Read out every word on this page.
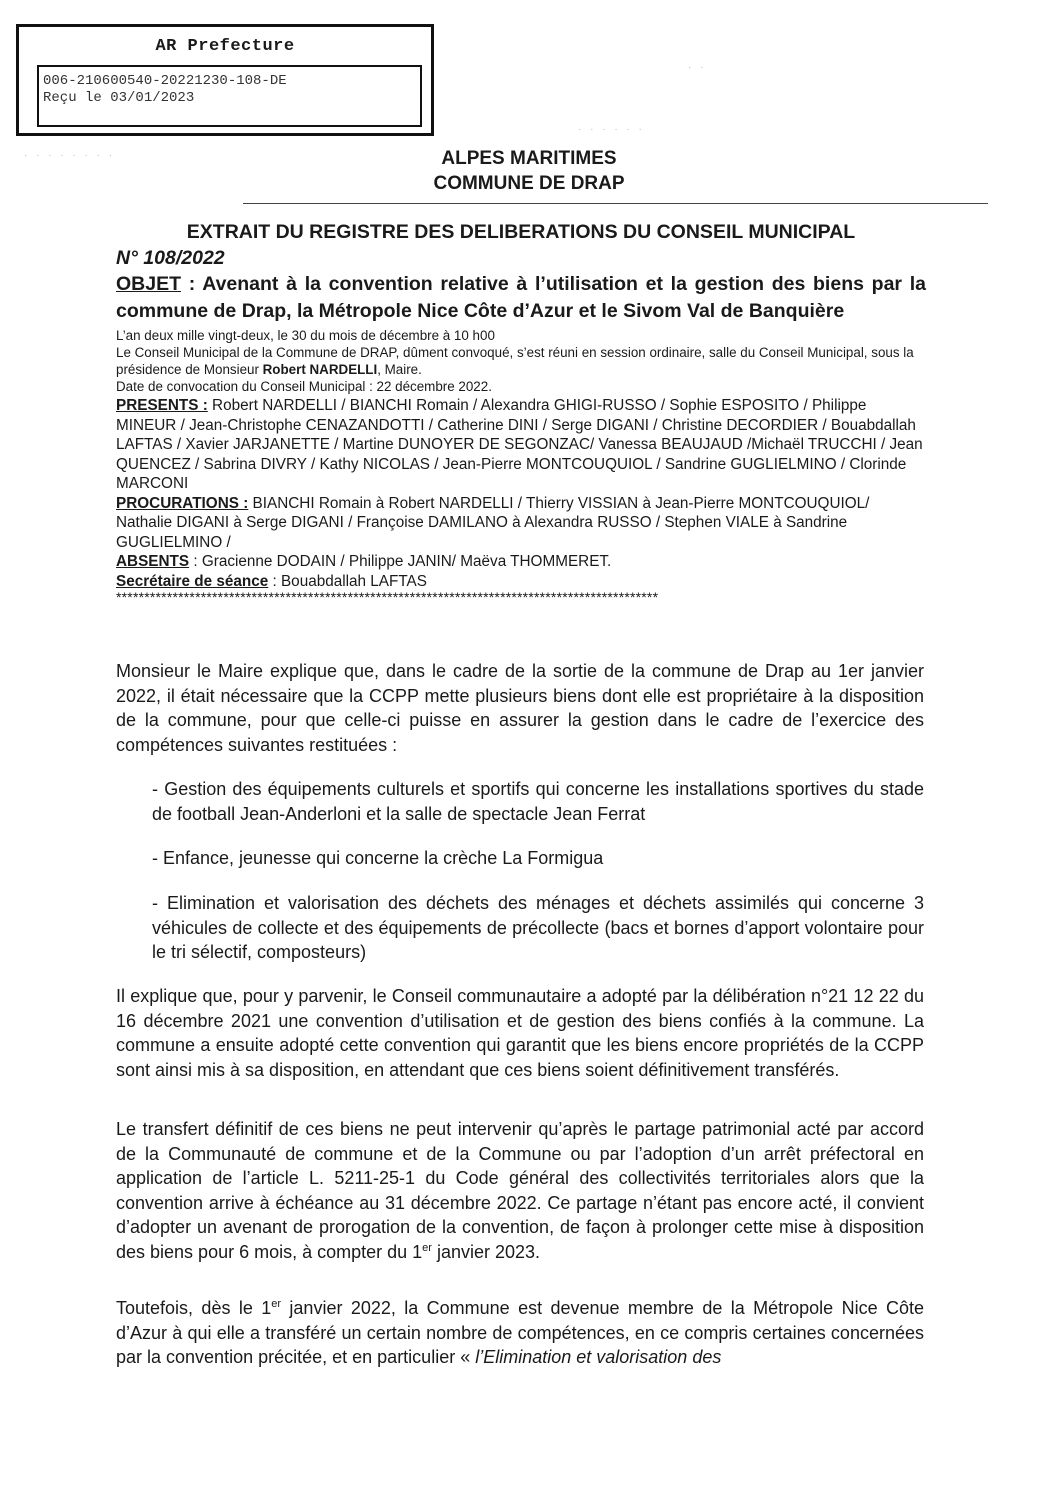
AR Prefecture
006-210600540-20221230-108-DE
Reçu le 03/01/2023
· ·
· · · · · ·
· · · · · · · ·	ALPES MARITIMES
COMMUNE DE DRAP
EXTRAIT DU REGISTRE DES DELIBERATIONS DU CONSEIL MUNICIPAL
N° 108/2022
OBJET : Avenant à la convention relative à l’utilisation et la gestion des biens par la commune de Drap, la Métropole Nice Côte d’Azur et le Sivom Val de Banquière
L’an deux mille vingt-deux, le 30 du mois de décembre à 10 h00
Le Conseil Municipal de la Commune de DRAP, dûment convoqué, s’est réuni en session ordinaire, salle du Conseil Municipal, sous la présidence de Monsieur Robert NARDELLI, Maire.
Date de convocation du Conseil Municipal : 22 décembre 2022.
PRESENTS : Robert NARDELLI / BIANCHI Romain / Alexandra GHIGI-RUSSO / Sophie ESPOSITO / Philippe MINEUR / Jean-Christophe CENAZANDOTTI / Catherine DINI / Serge DIGANI / Christine DECORDIER / Bouabdallah LAFTAS / Xavier JARJANETTE / Martine DUNOYER DE SEGONZAC/ Vanessa BEAUJAUD /Michaël TRUCCHI / Jean QUENCEZ / Sabrina DIVRY / Kathy NICOLAS / Jean-Pierre MONTCOUQUIOL / Sandrine GUGLIELMINO / Clorinde MARCONI
PROCURATIONS : BIANCHI Romain à Robert NARDELLI / Thierry VISSIAN à Jean-Pierre MONTCOUQUIOL/ Nathalie DIGANI à Serge DIGANI / Françoise DAMILANO à Alexandra RUSSO / Stephen VIALE à Sandrine GUGLIELMINO /
ABSENTS : Gracienne DODAIN / Philippe JANIN/ Maëva THOMMERET.
Secrétaire de séance : Bouabdallah LAFTAS
************************************************************************************************
Monsieur le Maire explique que, dans le cadre de la sortie de la commune de Drap au 1er janvier 2022, il était nécessaire que la CCPP mette plusieurs biens dont elle est propriétaire à la disposition de la commune, pour que celle-ci puisse en assurer la gestion dans le cadre de l’exercice des compétences suivantes restituées :
- Gestion des équipements culturels et sportifs qui concerne les installations sportives du stade de football Jean-Anderloni et la salle de spectacle Jean Ferrat
- Enfance, jeunesse qui concerne la crèche La Formigua
- Elimination et valorisation des déchets des ménages et déchets assimilés qui concerne 3 véhicules de collecte et des équipements de précollecte (bacs et bornes d’apport volontaire pour le tri sélectif, composteurs)
Il explique que, pour y parvenir, le Conseil communautaire a adopté par la délibération n°21 12 22 du 16 décembre 2021 une convention d’utilisation et de gestion des biens confiés à la commune. La commune a ensuite adopté cette convention qui garantit que les biens encore propriétés de la CCPP sont ainsi mis à sa disposition, en attendant que ces biens soient définitivement transférés.
Le transfert définitif de ces biens ne peut intervenir qu’après le partage patrimonial acté par accord de la Communauté de commune et de la Commune ou par l’adoption d’un arrêt préfectoral en application de l’article L. 5211-25-1 du Code général des collectivités territoriales alors que la convention arrive à échéance au 31 décembre 2022. Ce partage n’étant pas encore acté, il convient d’adopter un avenant de prorogation de la convention, de façon à prolonger cette mise à disposition des biens pour 6 mois, à compter du 1er janvier 2023.
Toutefois, dès le 1er janvier 2022, la Commune est devenue membre de la Métropole Nice Côte d’Azur à qui elle a transféré un certain nombre de compétences, en ce compris certaines concernées par la convention précitée, et en particulier « l’Elimination et valorisation des
